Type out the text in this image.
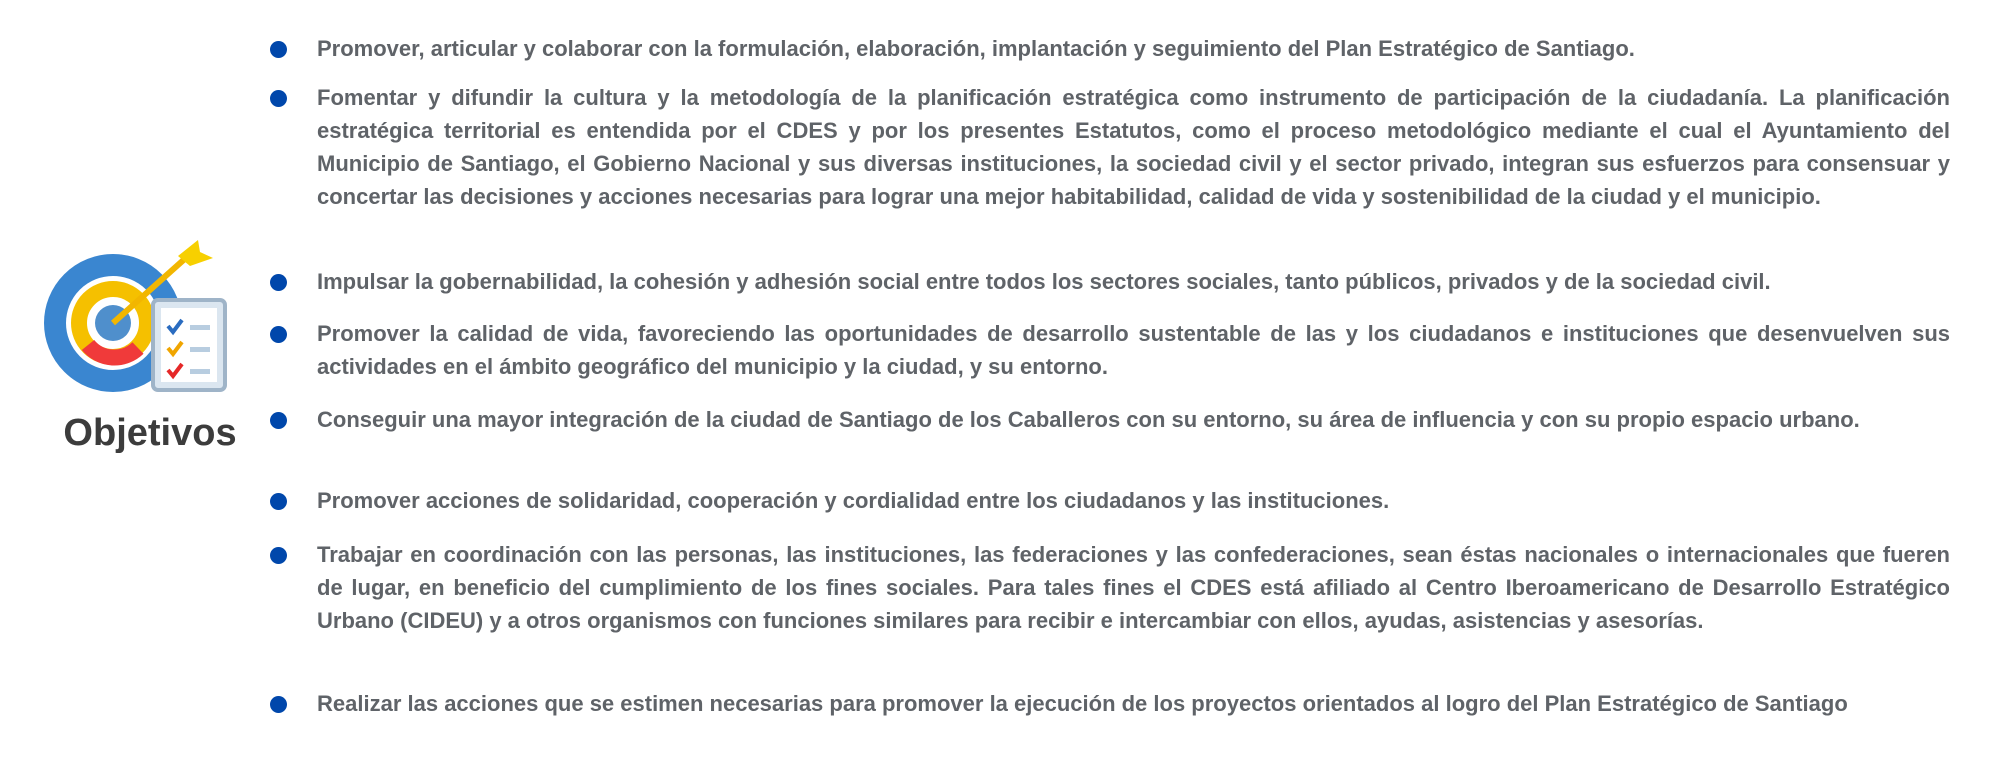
Objetivos
Promover, articular y colaborar con la formulación, elaboración, implantación y seguimiento del Plan Estratégico de Santiago.
Fomentar y difundir la cultura y la metodología de la planificación estratégica como instrumento de participación de la ciudadanía. La planificación estratégica territorial es entendida por el CDES y por los presentes Estatutos, como el proceso metodológico mediante el cual el Ayuntamiento del Municipio de Santiago, el Gobierno Nacional y sus diversas instituciones, la sociedad civil y el sector privado, integran sus esfuerzos para consensuar y concertar las decisiones y acciones necesarias para lograr una mejor habitabilidad, calidad de vida y sostenibilidad de la ciudad y el municipio.
Impulsar la gobernabilidad, la cohesión y adhesión social entre todos los sectores sociales, tanto públicos, privados y de la sociedad civil.
Promover la calidad de vida, favoreciendo las oportunidades de desarrollo sustentable de las y los ciudadanos e instituciones que desenvuelven sus actividades en el ámbito geográfico del municipio y la ciudad, y su entorno.
Conseguir una mayor integración de la ciudad de Santiago de los Caballeros con su entorno, su área de influencia y con su propio espacio urbano.
Promover acciones de solidaridad, cooperación y cordialidad entre los ciudadanos y las instituciones.
Trabajar en coordinación con las personas, las instituciones, las federaciones y las confederaciones, sean éstas nacionales o internacionales que fueren de lugar, en beneficio del cumplimiento de los fines sociales. Para tales fines el CDES está afiliado al Centro Iberoamericano de Desarrollo Estratégico Urbano (CIDEU) y a otros organismos con funciones similares para recibir e intercambiar con ellos, ayudas, asistencias y asesorías.
Realizar las acciones que se estimen necesarias para promover la ejecución de los proyectos orientados al logro del Plan Estratégico de Santiago
